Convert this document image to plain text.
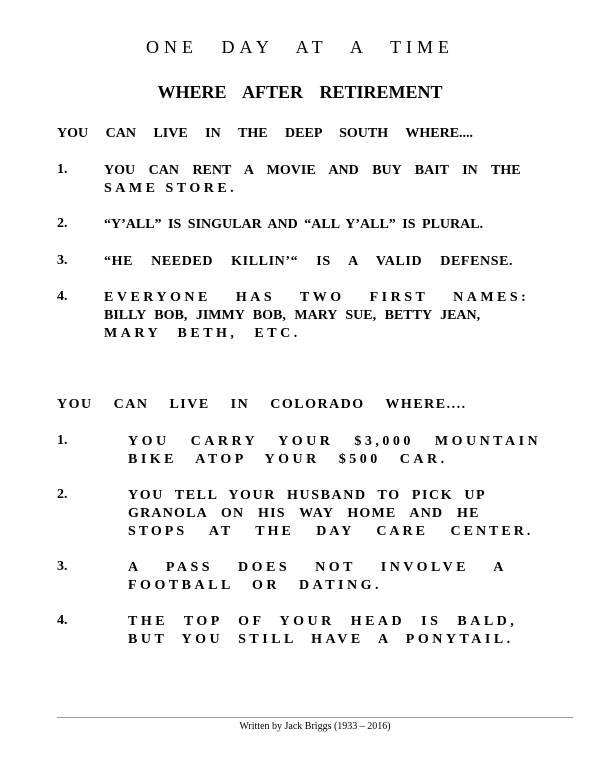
ONE DAY AT A TIME
WHERE AFTER RETIREMENT
YOU CAN LIVE IN THE DEEP SOUTH WHERE....
1.	YOU CAN RENT A MOVIE AND BUY BAIT IN THE
SAME STORE.
2.	“Y’ALL” IS SINGULAR AND “ALL Y’ALL” IS PLURAL.
3.	“HE NEEDED KILLIN’“ IS A VALID DEFENSE.
4.	EVERYONE HAS TWO FIRST NAMES:
BILLY BOB, JIMMY BOB, MARY SUE, BETTY JEAN,
MARY BETH, ETC.
YOU CAN LIVE IN COLORADO WHERE....
1.	YOU CARRY YOUR $3,000 MOUNTAIN
BIKE ATOP YOUR $500 CAR.
2.	YOU TELL YOUR HUSBAND TO PICK UP
GRANOLA ON HIS WAY HOME AND HE
STOPS AT THE DAY CARE CENTER.
3.	A PASS DOES NOT INVOLVE A
FOOTBALL OR DATING.
4.	THE TOP OF YOUR HEAD IS BALD,
BUT YOU STILL HAVE A PONYTAIL.
Written by Jack Briggs (1933 – 2016)
